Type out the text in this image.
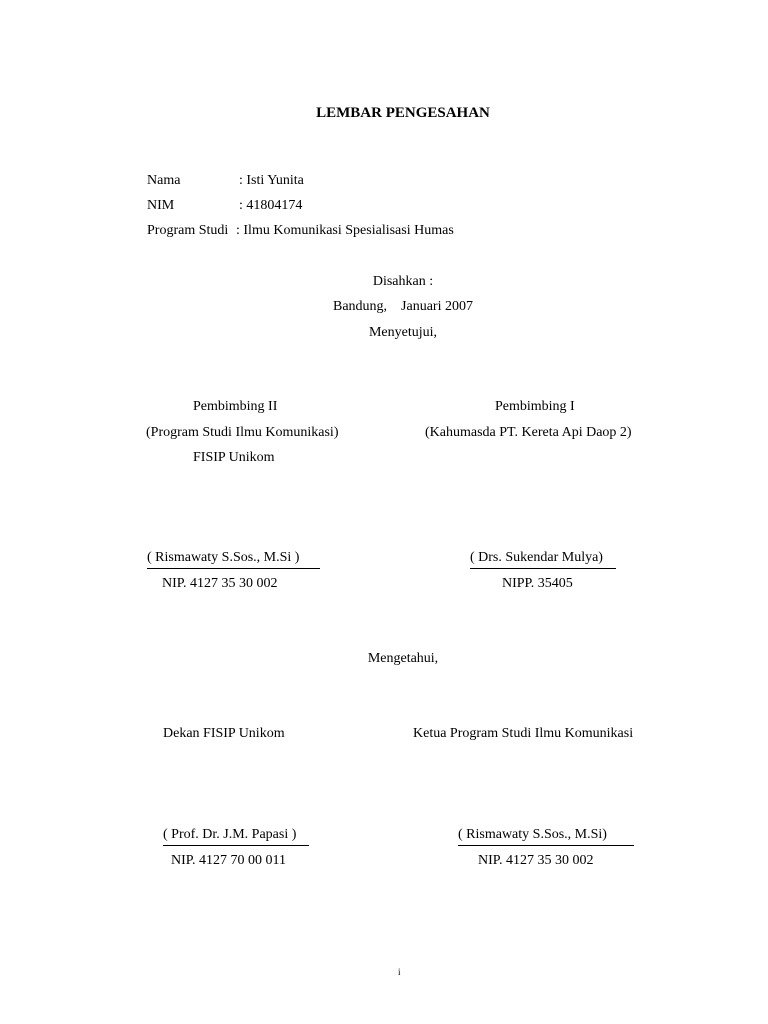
LEMBAR PENGESAHAN
Nama	: Isti Yunita
NIM	: 41804174
Program Studi : Ilmu Komunikasi Spesialisasi Humas
Disahkan :
Bandung,    Januari 2007
Menyetujui,
Pembimbing II
(Program Studi Ilmu Komunikasi)
FISIP Unikom
( Rismawaty S.Sos., M.Si )
NIP. 4127 35 30 002
Pembimbing I
(Kahumasda PT. Kereta Api Daop 2)
( Drs. Sukendar Mulya)
NIPP. 35405
Mengetahui,
Dekan FISIP Unikom
( Prof. Dr. J.M. Papasi )
NIP. 4127 70 00 011
Ketua Program Studi Ilmu Komunikasi
( Rismawaty S.Sos., M.Si)
NIP. 4127 35 30 002
i
